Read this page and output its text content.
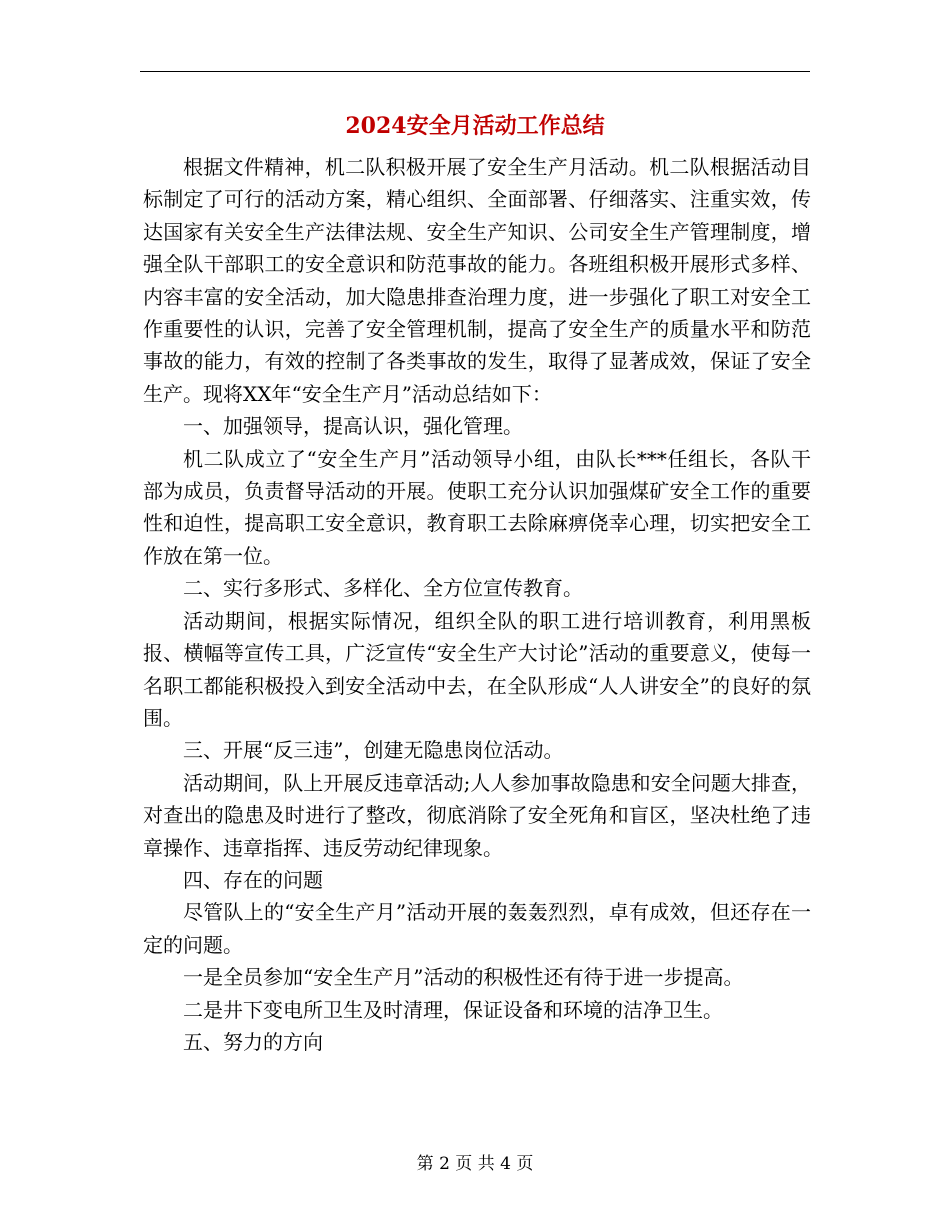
2024安全月活动工作总结

根据文件精神，机二队积极开展了安全生产月活动。机二队根据活动目标制定了可行的活动方案，精心组织、全面部署、仔细落实、注重实效，传达国家有关安全生产法律法规、安全生产知识、公司安全生产管理制度，增强全队干部职工的安全意识和防范事故的能力。各班组积极开展形式多样、内容丰富的安全活动，加大隐患排查治理力度，进一步强化了职工对安全工作重要性的认识，完善了安全管理机制，提高了安全生产的质量水平和防范事故的能力，有效的控制了各类事故的发生，取得了显著成效，保证了安全生产。现将XX年“安全生产月”活动总结如下：

一、加强领导，提高认识，强化管理。

机二队成立了“安全生产月”活动领导小组，由队长***任组长，各队干部为成员，负责督导活动的开展。使职工充分认识加强煤矿安全工作的重要性和迫性，提高职工安全意识，教育职工去除麻痹侥幸心理，切实把安全工作放在第一位。

二、实行多形式、多样化、全方位宣传教育。

活动期间，根据实际情况，组织全队的职工进行培训教育，利用黑板报、横幅等宣传工具，广泛宣传“安全生产大讨论”活动的重要意义，使每一名职工都能积极投入到安全活动中去，在全队形成“人人讲安全”的良好的氛围。

三、开展“反三违”，创建无隐患岗位活动。

活动期间，队上开展反违章活动;人人参加事故隐患和安全问题大排查，对查出的隐患及时进行了整改，彻底消除了安全死角和盲区，坚决杜绝了违章操作、违章指挥、违反劳动纪律现象。

四、存在的问题

尽管队上的“安全生产月”活动开展的轰轰烈烈，卓有成效，但还存在一定的问题。

一是全员参加“安全生产月”活动的积极性还有待于进一步提高。

二是井下变电所卫生及时清理，保证设备和环境的洁净卫生。

五、努力的方向

第 2 页 共 4 页
